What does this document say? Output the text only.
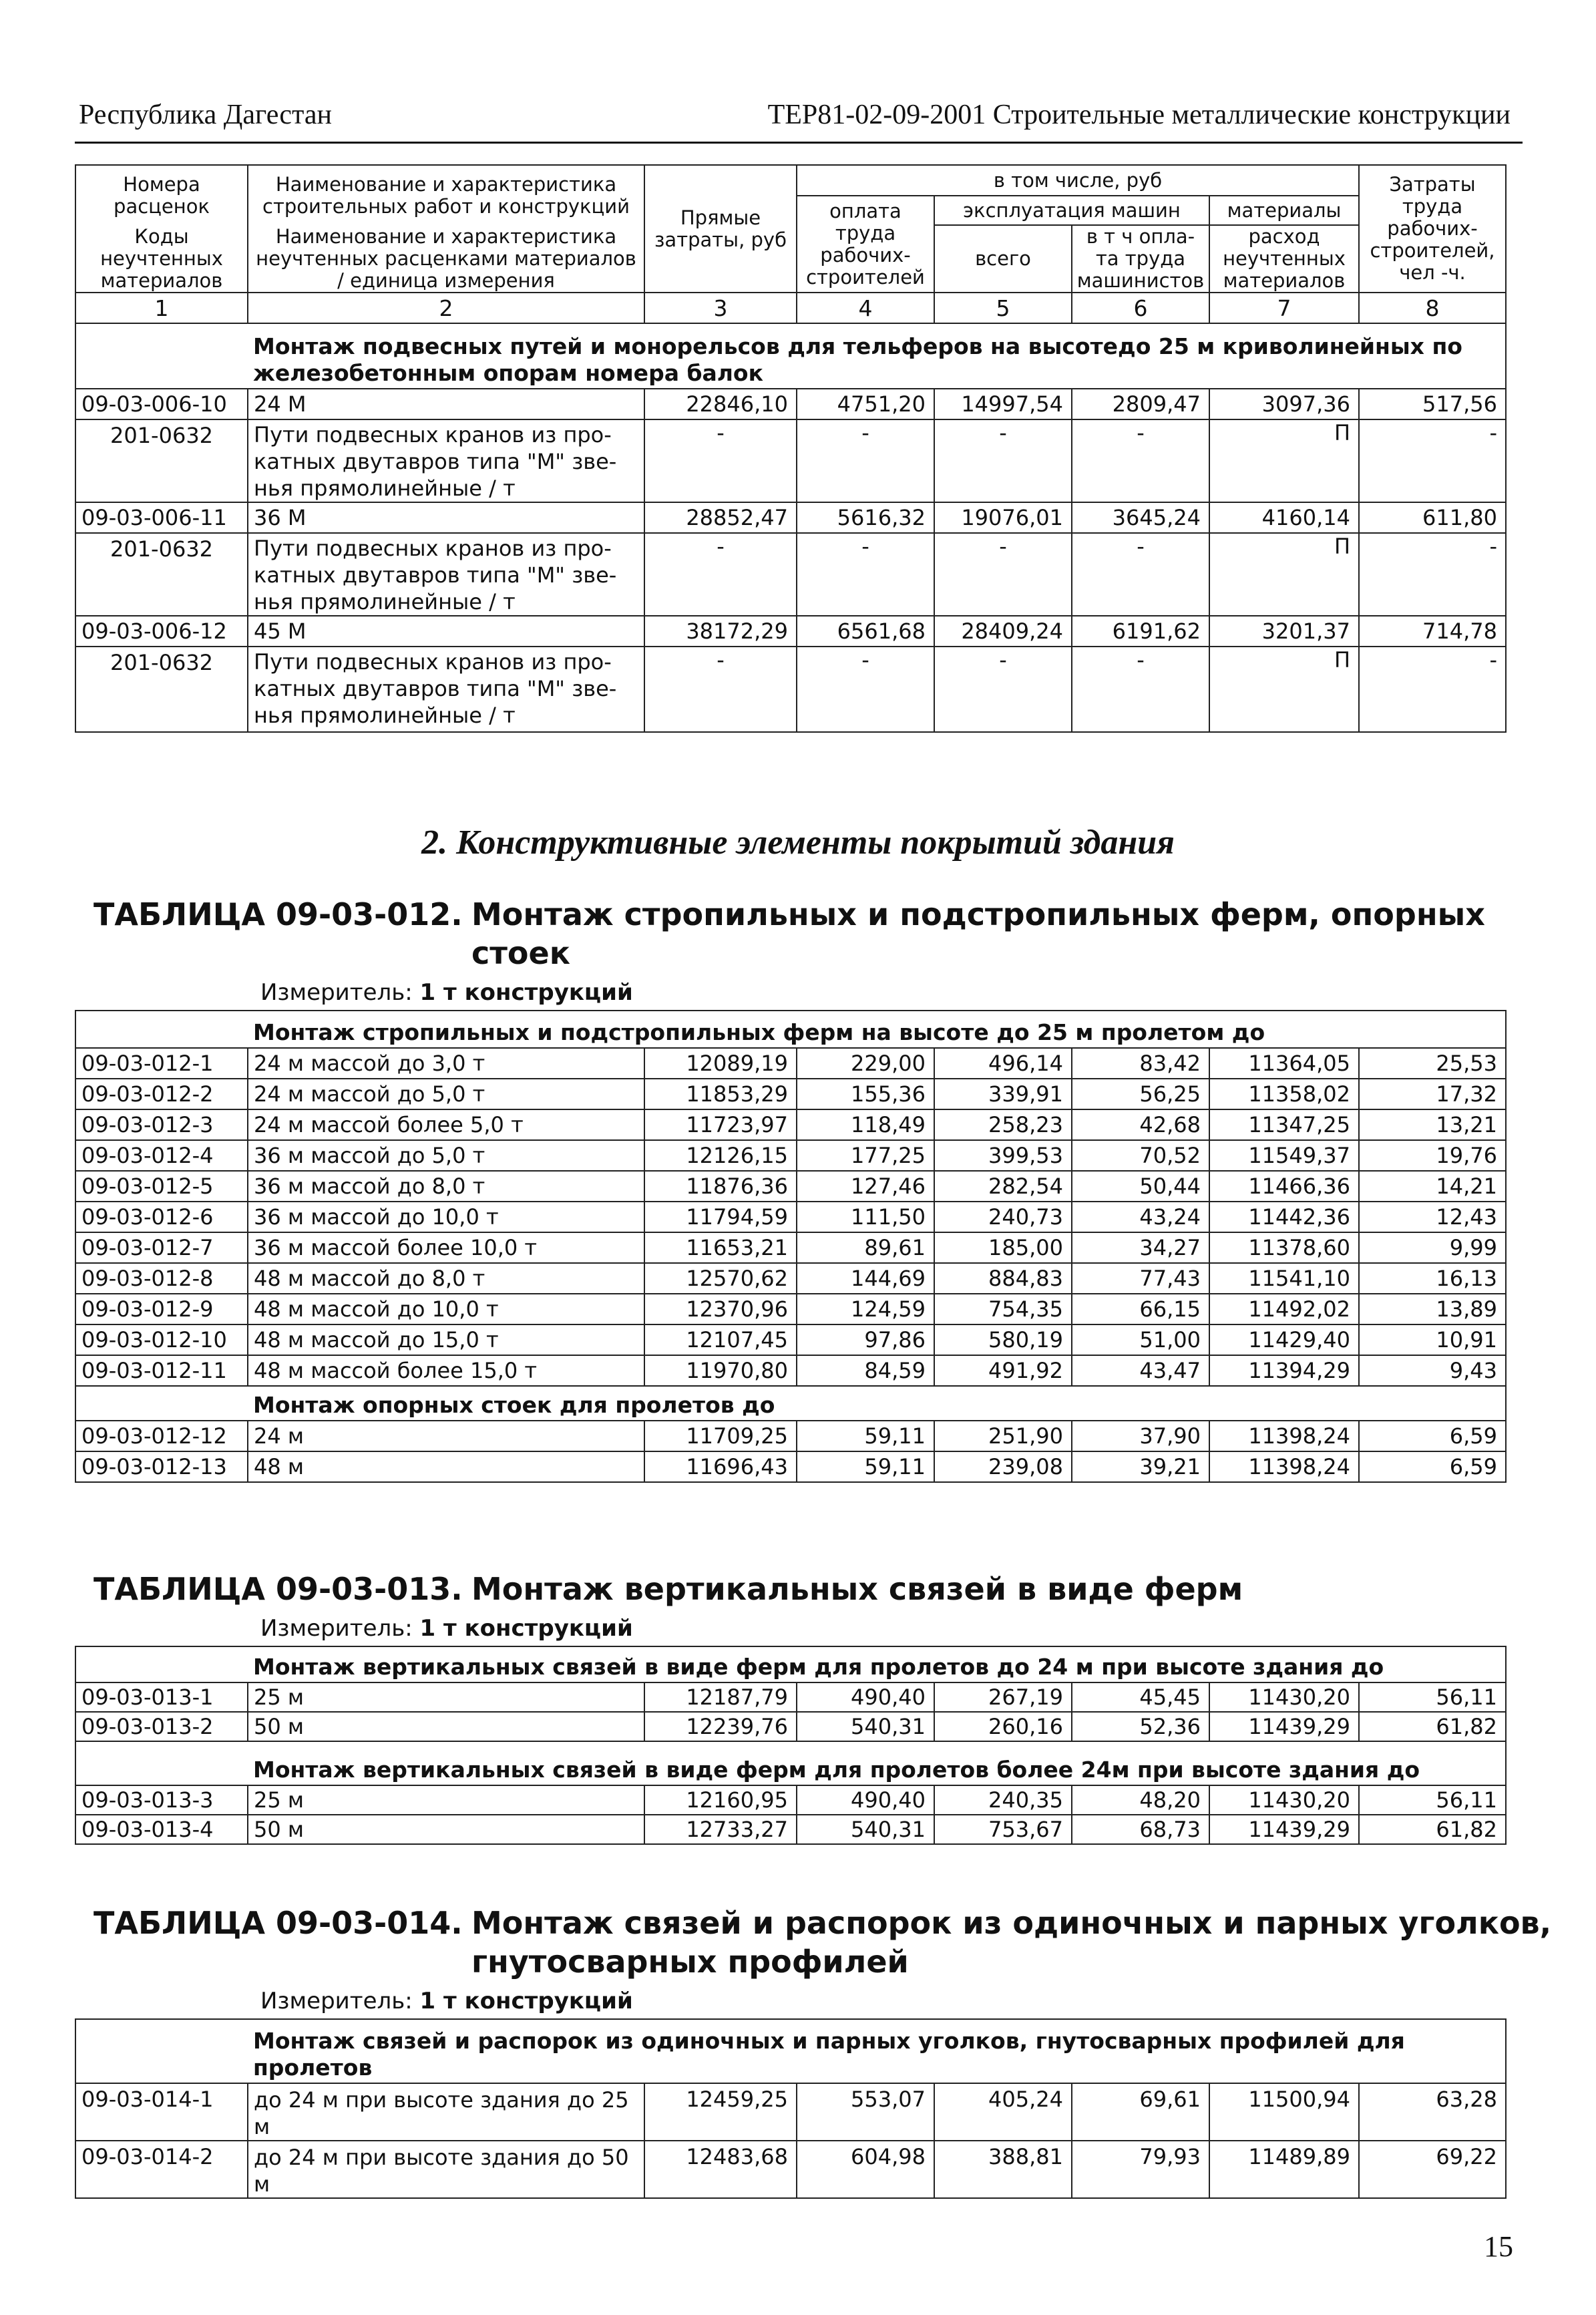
Республика Дагестан	ТЕР81-02-09-2001 Строительные металлические конструкции
Номера расценок	Наименование и характеристика строительных работ и конструкций	Прямые затраты, руб	в том числе, руб				Затраты труда рабочих-строителей, чел -ч.
			оплата труда рабочих-строителей	эксплуатация машин		материалы	
Коды неучтенных материалов	Наименование и характеристика неучтенных расценками материалов / единица измерения			всего	в т ч опла-та труда машинистов	расход неучтенных материалов	

1	2	3	4	5	6	7	8
	Монтаж подвесных путей и монорельсов для тельферов на высотедо 25 м криволинейных по железобетонным опорам номера балок						
09-03-006-10	24 М	22846,10	4751,20	14997,54	2809,47	3097,36	517,56
201-0632	Пути подвесных кранов из про-катных двутавров типа "М" зве-нья прямолинейные / т	-	-	-	-	П	-
09-03-006-11	36 М	28852,47	5616,32	19076,01	3645,24	4160,14	611,80
201-0632	Пути подвесных кранов из про-катных двутавров типа "М" зве-нья прямолинейные / т	-	-	-	-	П	-
09-03-006-12	45 М	38172,29	6561,68	28409,24	6191,62	3201,37	714,78
201-0632	Пути подвесных кранов из про-катных двутавров типа "М" зве-нья прямолинейные / т	-	-	-	-	П	-
2. Конструктивные элементы покрытий здания
ТАБЛИЦА 09-03-012. Монтаж стропильных и подстропильных ферм, опорных
стоек
Измеритель: 1 т конструкций
	Монтаж стропильных и подстропильных ферм на высоте до 25 м пролетом до						
09-03-012-1	24 м массой до 3,0 т	12089,19	229,00	496,14	83,42	11364,05	25,53
09-03-012-2	24 м массой до 5,0 т	11853,29	155,36	339,91	56,25	11358,02	17,32
09-03-012-3	24 м массой более 5,0 т	11723,97	118,49	258,23	42,68	11347,25	13,21
09-03-012-4	36 м массой до 5,0 т	12126,15	177,25	399,53	70,52	11549,37	19,76
09-03-012-5	36 м массой до 8,0 т	11876,36	127,46	282,54	50,44	11466,36	14,21
09-03-012-6	36 м массой до 10,0 т	11794,59	111,50	240,73	43,24	11442,36	12,43
09-03-012-7	36 м массой более 10,0 т	11653,21	89,61	185,00	34,27	11378,60	9,99
09-03-012-8	48 м массой до 8,0 т	12570,62	144,69	884,83	77,43	11541,10	16,13
09-03-012-9	48 м массой до 10,0 т	12370,96	124,59	754,35	66,15	11492,02	13,89
09-03-012-10	48 м массой до 15,0 т	12107,45	97,86	580,19	51,00	11429,40	10,91
09-03-012-11	48 м массой более 15,0 т	11970,80	84,59	491,92	43,47	11394,29	9,43
	Монтаж опорных стоек для пролетов до						
09-03-012-12	24 м	11709,25	59,11	251,90	37,90	11398,24	6,59
09-03-012-13	48 м	11696,43	59,11	239,08	39,21	11398,24	6,59
ТАБЛИЦА 09-03-013. Монтаж вертикальных связей в виде ферм
Измеритель: 1 т конструкций
	Монтаж вертикальных связей в виде ферм для пролетов до 24 м при высоте здания до						
09-03-013-1	25 м	12187,79	490,40	267,19	45,45	11430,20	56,11
09-03-013-2	50 м	12239,76	540,31	260,16	52,36	11439,29	61,82
	Монтаж вертикальных связей в виде ферм для пролетов более 24м при высоте здания до						
09-03-013-3	25 м	12160,95	490,40	240,35	48,20	11430,20	56,11
09-03-013-4	50 м	12733,27	540,31	753,67	68,73	11439,29	61,82
ТАБЛИЦА 09-03-014. Монтаж связей и распорок из одиночных и парных уголков,
гнутосварных профилей
Измеритель: 1 т конструкций
	Монтаж связей и распорок из одиночных и парных уголков, гнутосварных профилей для пролетов						
09-03-014-1	до 24 м при высоте здания до 25 м	12459,25	553,07	405,24	69,61	11500,94	63,28
09-03-014-2	до 24 м при высоте здания до 50 м	12483,68	604,98	388,81	79,93	11489,89	69,22
15
